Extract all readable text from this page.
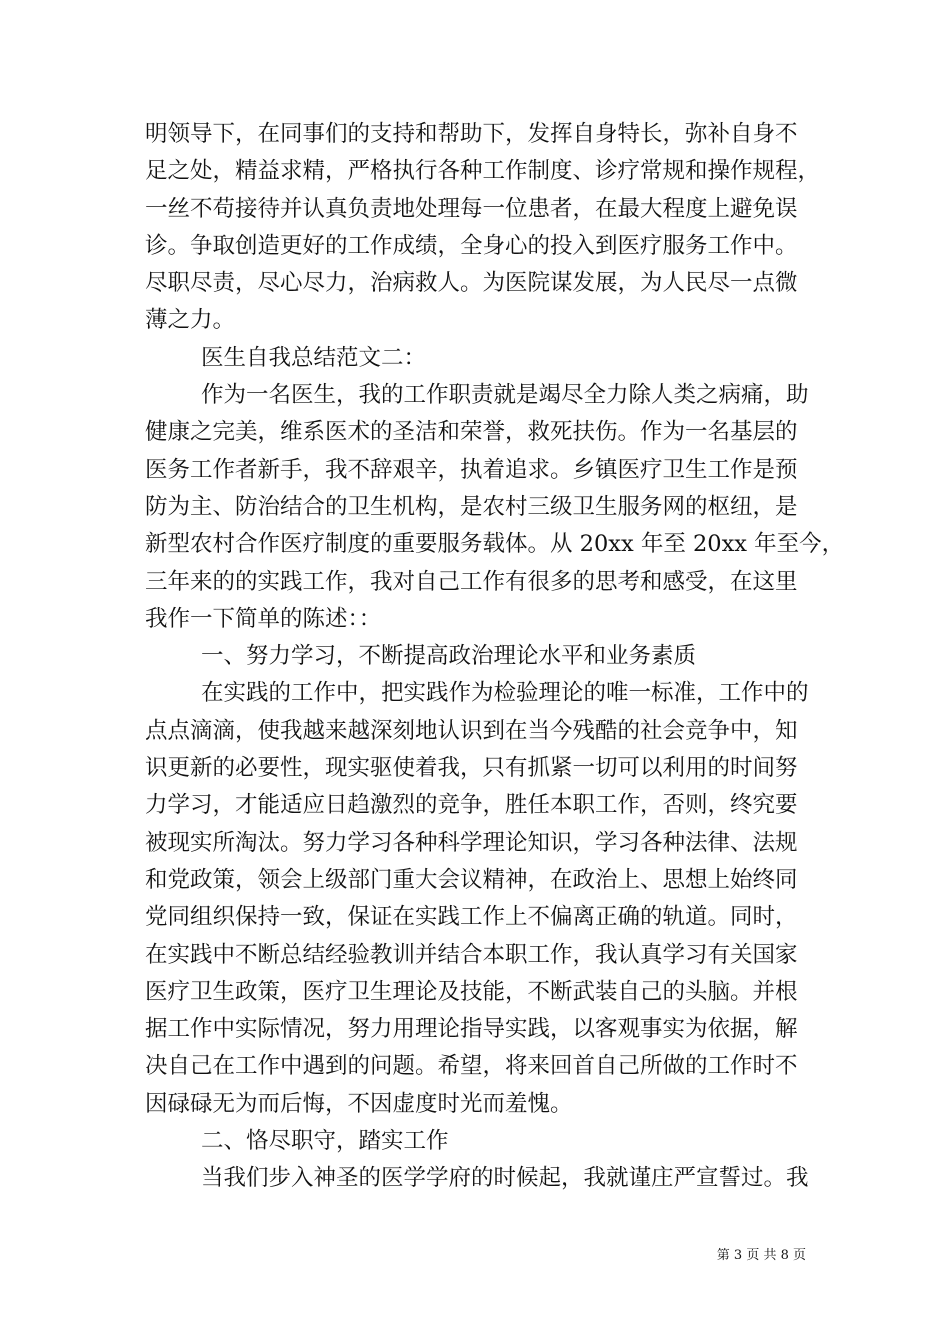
明领导下，在同事们的支持和帮助下，发挥自身特长，弥补自身不
足之处，精益求精，严格执行各种工作制度、诊疗常规和操作规程，
一丝不苟接待并认真负责地处理每一位患者，在最大程度上避免误
诊。争取创造更好的工作成绩，全身心的投入到医疗服务工作中。
尽职尽责，尽心尽力，治病救人。为医院谋发展，为人民尽一点微
薄之力。
医生自我总结范文二：
作为一名医生，我的工作职责就是竭尽全力除人类之病痛，助
健康之完美，维系医术的圣洁和荣誉，救死扶伤。作为一名基层的
医务工作者新手，我不辞艰辛，执着追求。乡镇医疗卫生工作是预
防为主、防治结合的卫生机构，是农村三级卫生服务网的枢纽，是
新型农村合作医疗制度的重要服务载体。从 20xx 年至 20xx 年至今，
三年来的的实践工作，我对自己工作有很多的思考和感受，在这里
我作一下简单的陈述：：
一、努力学习，不断提高政治理论水平和业务素质
在实践的工作中，把实践作为检验理论的唯一标准，工作中的
点点滴滴，使我越来越深刻地认识到在当今残酷的社会竞争中，知
识更新的必要性，现实驱使着我，只有抓紧一切可以利用的时间努
力学习，才能适应日趋激烈的竞争，胜任本职工作，否则，终究要
被现实所淘汰。努力学习各种科学理论知识，学习各种法律、法规
和党政策，领会上级部门重大会议精神，在政治上、思想上始终同
党同组织保持一致，保证在实践工作上不偏离正确的轨道。同时，
在实践中不断总结经验教训并结合本职工作，我认真学习有关国家
医疗卫生政策，医疗卫生理论及技能，不断武装自己的头脑。并根
据工作中实际情况，努力用理论指导实践，以客观事实为依据，解
决自己在工作中遇到的问题。希望，将来回首自己所做的工作时不
因碌碌无为而后悔，不因虚度时光而羞愧。
二、恪尽职守，踏实工作
当我们步入神圣的医学学府的时候起，我就谨庄严宣誓过。我
第 3 页 共 8 页
